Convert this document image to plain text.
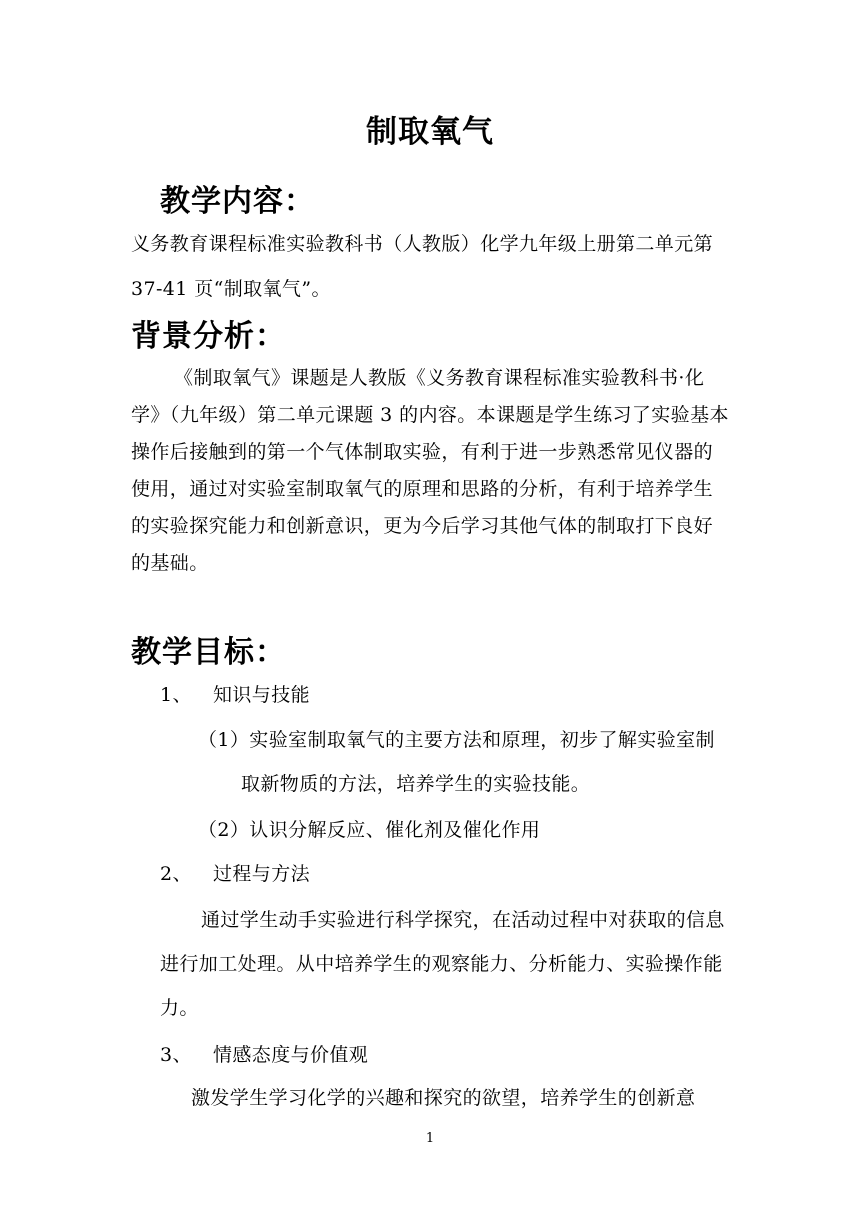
制取氧气
教学内容：
义务教育课程标准实验教科书（人教版）化学九年级上册第二单元第
37-41 页“制取氧气”。
背景分析：
《制取氧气》课题是人教版《义务教育课程标准实验教科书·化学》（九年级）第二单元课题 3 的内容。本课题是学生练习了实验基本操作后接触到的第一个气体制取实验，有利于进一步熟悉常见仪器的使用，通过对实验室制取氧气的原理和思路的分析，有利于培养学生的实验探究能力和创新意识，更为今后学习其他气体的制取打下良好的基础。
教学目标：
1、 知识与技能
（1）实验室制取氧气的主要方法和原理，初步了解实验室制
取新物质的方法，培养学生的实验技能。
（2）认识分解反应、催化剂及催化作用
2、 过程与方法
通过学生动手实验进行科学探究，在活动过程中对获取的信息进行加工处理。从中培养学生的观察能力、分析能力、实验操作能力。
3、 情感态度与价值观
激发学生学习化学的兴趣和探究的欲望，培养学生的创新意
1
